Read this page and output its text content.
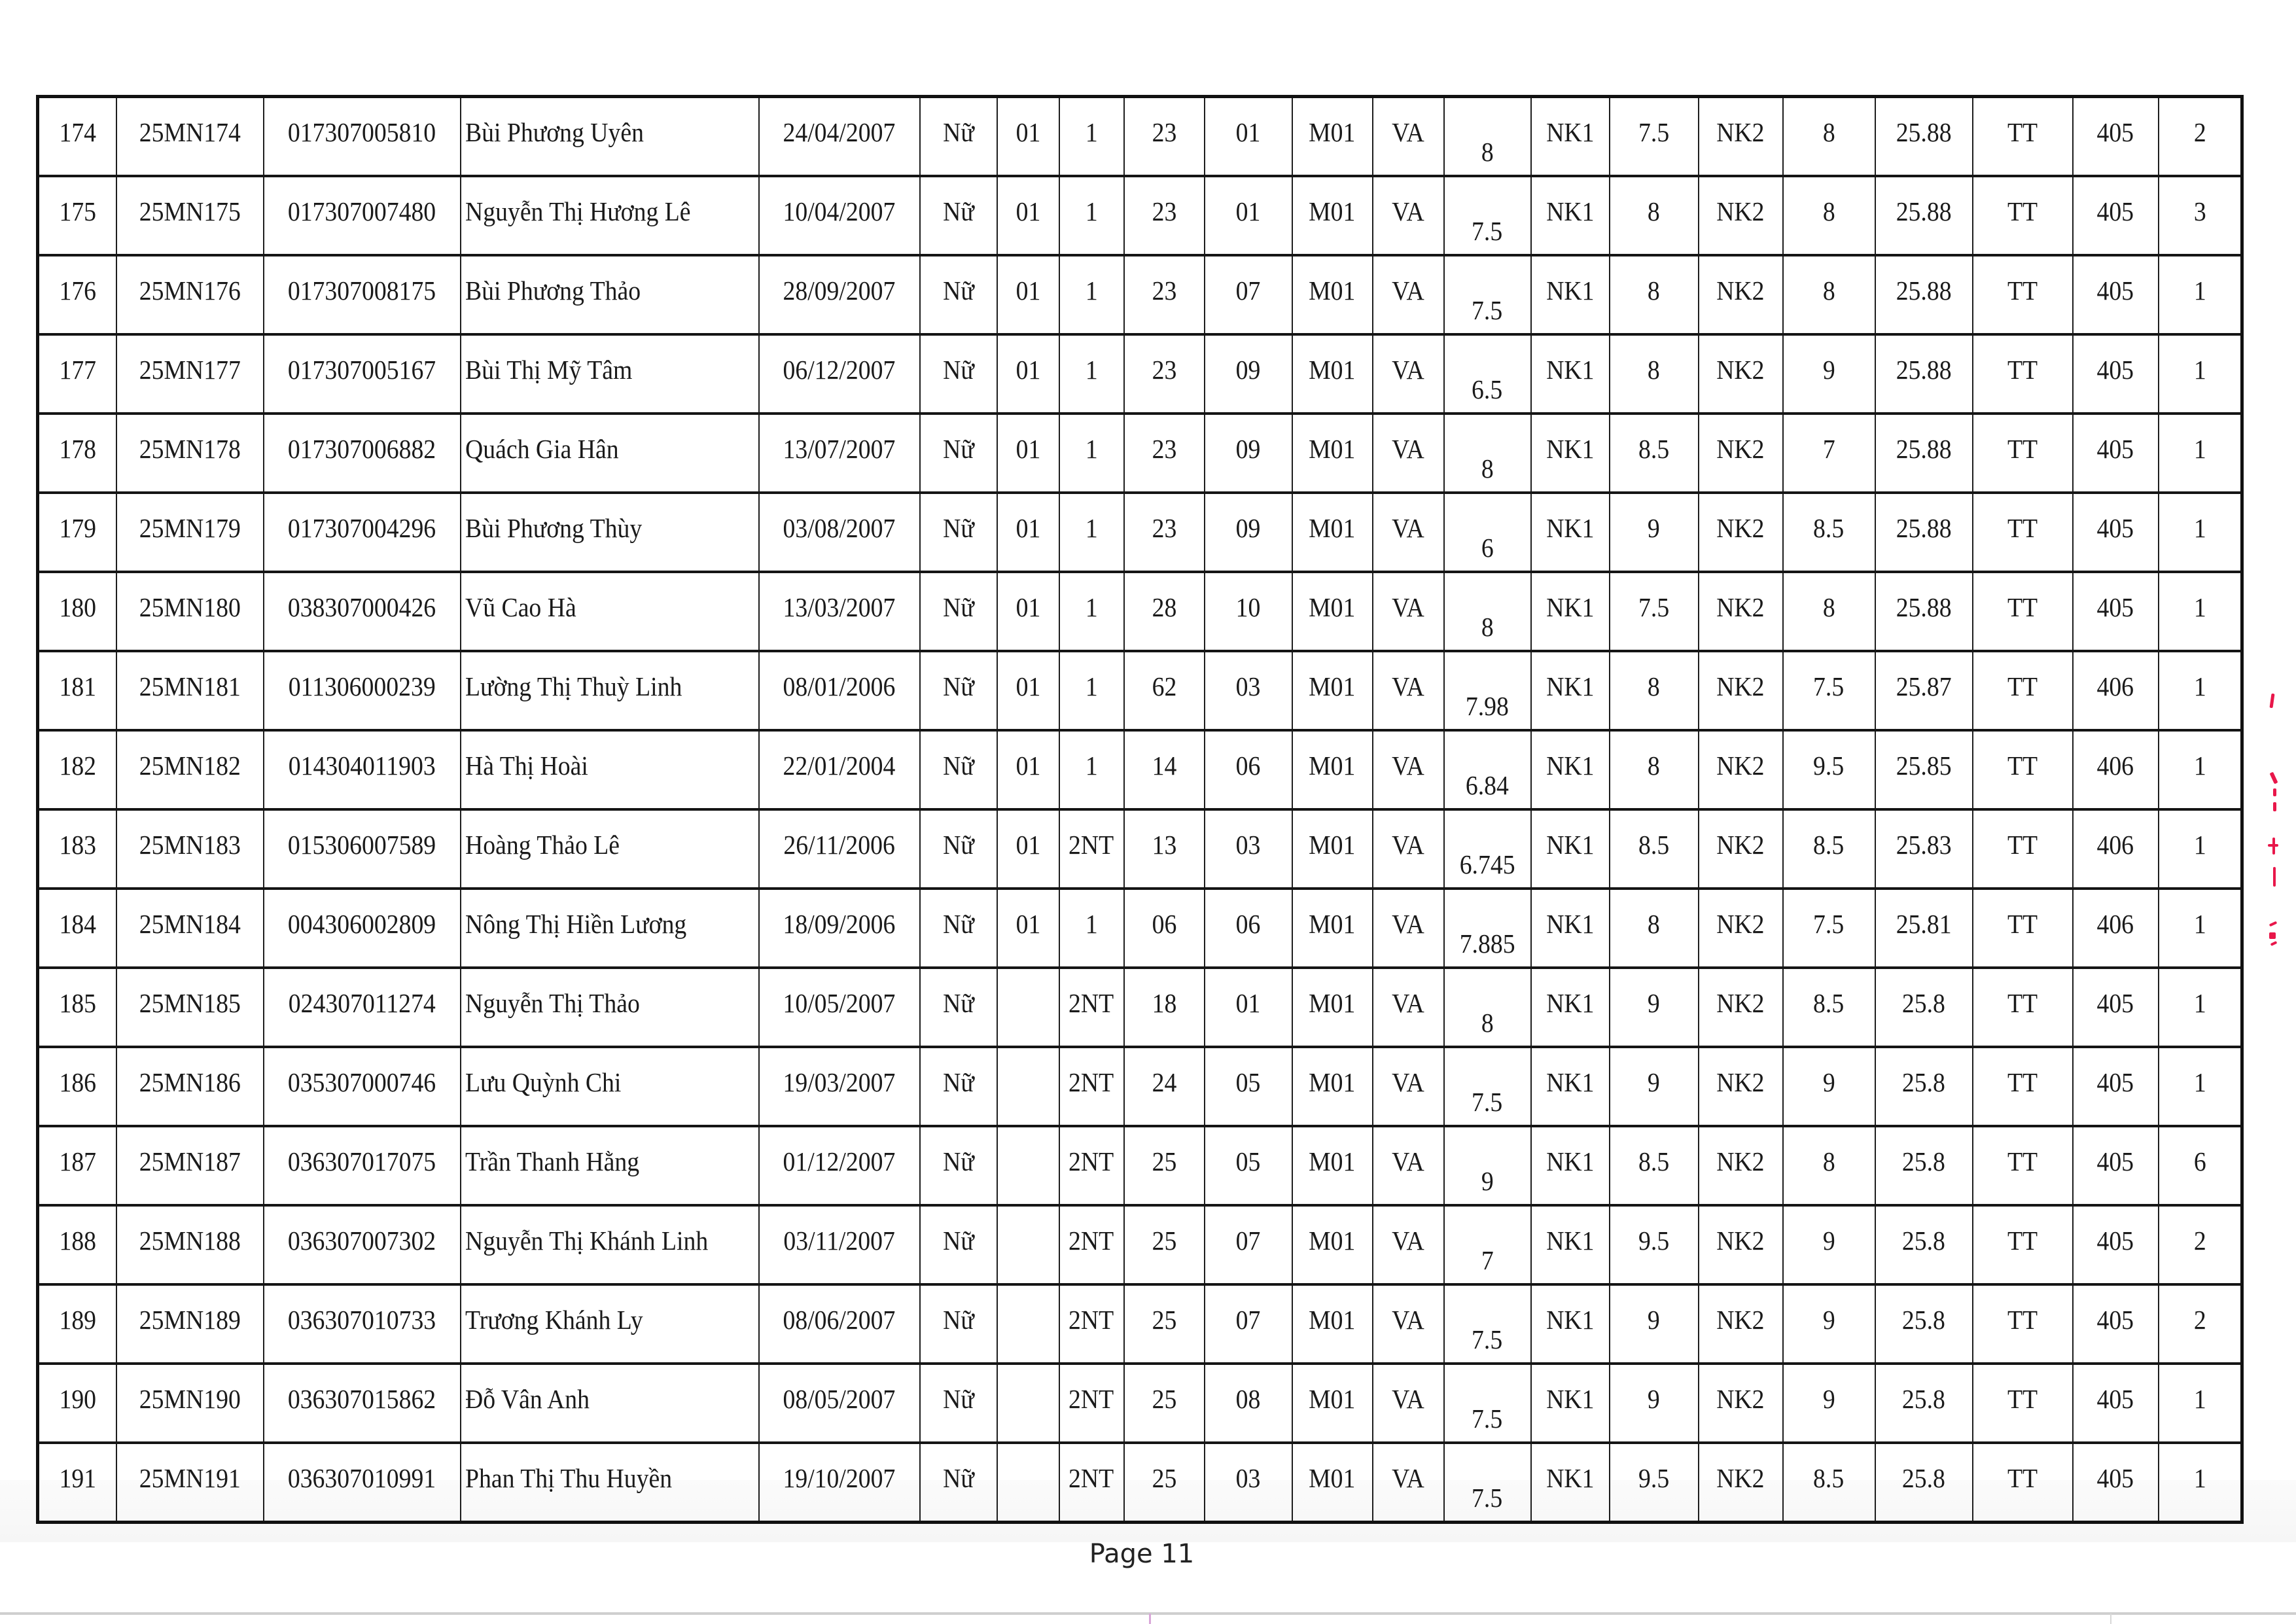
174	25MN174	017307005810	Bùi Phương Uyên	24/04/2007	Nữ	01	1	23	01	M01	VA	8	NK1	7.5	NK2	8	25.88	TT	405	2
175	25MN175	017307007480	Nguyễn Thị Hương Lê	10/04/2007	Nữ	01	1	23	01	M01	VA	7.5	NK1	8	NK2	8	25.88	TT	405	3
176	25MN176	017307008175	Bùi Phương Thảo	28/09/2007	Nữ	01	1	23	07	M01	VA	7.5	NK1	8	NK2	8	25.88	TT	405	1
177	25MN177	017307005167	Bùi Thị Mỹ Tâm	06/12/2007	Nữ	01	1	23	09	M01	VA	6.5	NK1	8	NK2	9	25.88	TT	405	1
178	25MN178	017307006882	Quách Gia Hân	13/07/2007	Nữ	01	1	23	09	M01	VA	8	NK1	8.5	NK2	7	25.88	TT	405	1
179	25MN179	017307004296	Bùi Phương Thùy	03/08/2007	Nữ	01	1	23	09	M01	VA	6	NK1	9	NK2	8.5	25.88	TT	405	1
180	25MN180	038307000426	Vũ Cao Hà	13/03/2007	Nữ	01	1	28	10	M01	VA	8	NK1	7.5	NK2	8	25.88	TT	405	1
181	25MN181	011306000239	Lường Thị Thuỳ Linh	08/01/2006	Nữ	01	1	62	03	M01	VA	7.98	NK1	8	NK2	7.5	25.87	TT	406	1
182	25MN182	014304011903	Hà Thị Hoài	22/01/2004	Nữ	01	1	14	06	M01	VA	6.84	NK1	8	NK2	9.5	25.85	TT	406	1
183	25MN183	015306007589	Hoàng Thảo Lê	26/11/2006	Nữ	01	2NT	13	03	M01	VA	6.745	NK1	8.5	NK2	8.5	25.83	TT	406	1
184	25MN184	004306002809	Nông Thị Hiền Lương	18/09/2006	Nữ	01	1	06	06	M01	VA	7.885	NK1	8	NK2	7.5	25.81	TT	406	1
185	25MN185	024307011274	Nguyễn Thị Thảo	10/05/2007	Nữ		2NT	18	01	M01	VA	8	NK1	9	NK2	8.5	25.8	TT	405	1
186	25MN186	035307000746	Lưu Quỳnh Chi	19/03/2007	Nữ		2NT	24	05	M01	VA	7.5	NK1	9	NK2	9	25.8	TT	405	1
187	25MN187	036307017075	Trần Thanh Hằng	01/12/2007	Nữ		2NT	25	05	M01	VA	9	NK1	8.5	NK2	8	25.8	TT	405	6
188	25MN188	036307007302	Nguyễn Thị Khánh Linh	03/11/2007	Nữ		2NT	25	07	M01	VA	7	NK1	9.5	NK2	9	25.8	TT	405	2
189	25MN189	036307010733	Trương Khánh Ly	08/06/2007	Nữ		2NT	25	07	M01	VA	7.5	NK1	9	NK2	9	25.8	TT	405	2
190	25MN190	036307015862	Đỗ Vân Anh	08/05/2007	Nữ		2NT	25	08	M01	VA	7.5	NK1	9	NK2	9	25.8	TT	405	1
191	25MN191	036307010991	Phan Thị Thu Huyền	19/10/2007	Nữ		2NT	25	03	M01	VA	7.5	NK1	9.5	NK2	8.5	25.8	TT	405	1
Page 11
